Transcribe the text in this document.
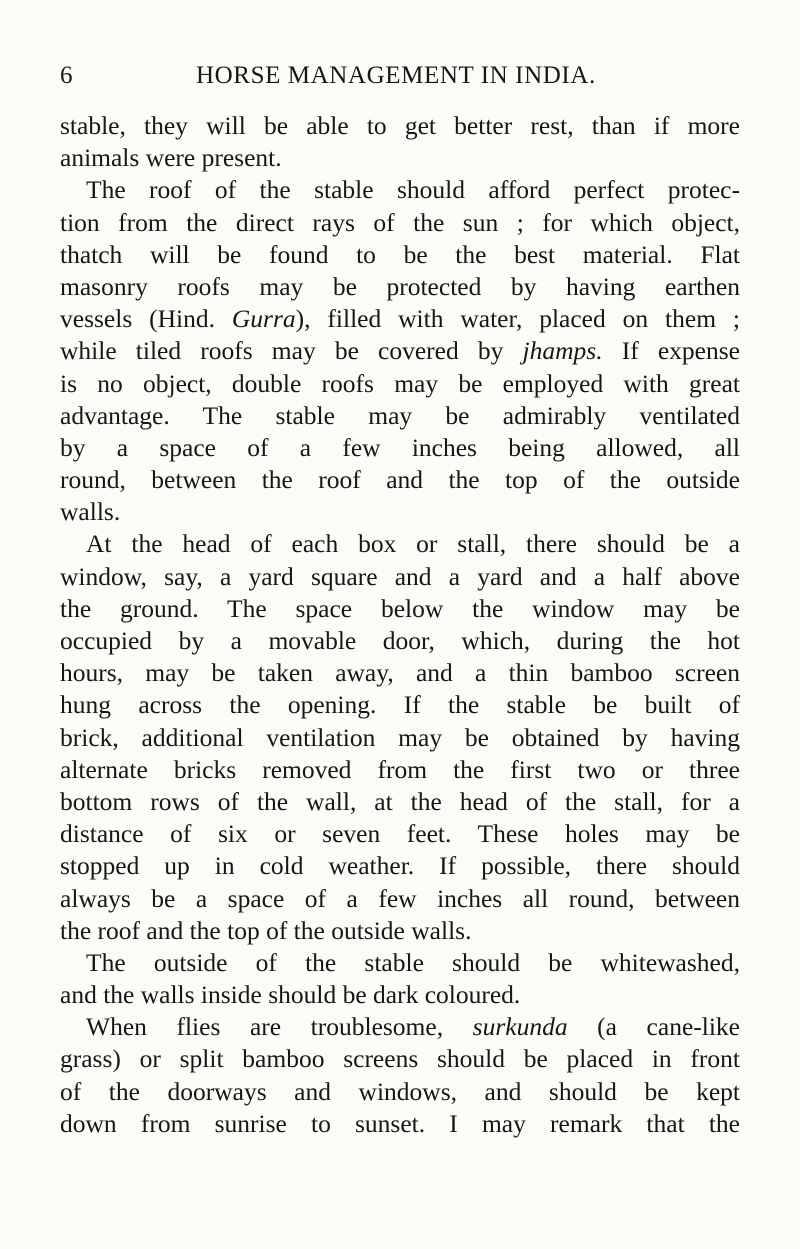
6	HORSE MANAGEMENT IN INDIA.
stable, they will be able to get better rest, than if more
animals were present.
The roof of the stable should afford perfect protec-
tion from the direct rays of the sun ; for which object,
thatch will be found to be the best material. Flat
masonry roofs may be protected by having earthen
vessels (Hind. Gurra), filled with water, placed on them ;
while tiled roofs may be covered by jhamps. If expense
is no object, double roofs may be employed with great
advantage. The stable may be admirably ventilated
by a space of a few inches being allowed, all
round, between the roof and the top of the outside
walls.
At the head of each box or stall, there should be a
window, say, a yard square and a yard and a half above
the ground. The space below the window may be
occupied by a movable door, which, during the hot
hours, may be taken away, and a thin bamboo screen
hung across the opening. If the stable be built of
brick, additional ventilation may be obtained by having
alternate bricks removed from the first two or three
bottom rows of the wall, at the head of the stall, for a
distance of six or seven feet. These holes may be
stopped up in cold weather. If possible, there should
always be a space of a few inches all round, between
the roof and the top of the outside walls.
The outside of the stable should be whitewashed,
and the walls inside should be dark coloured.
When flies are troublesome, surkunda (a cane-like
grass) or split bamboo screens should be placed in front
of the doorways and windows, and should be kept
down from sunrise to sunset. I may remark that the
